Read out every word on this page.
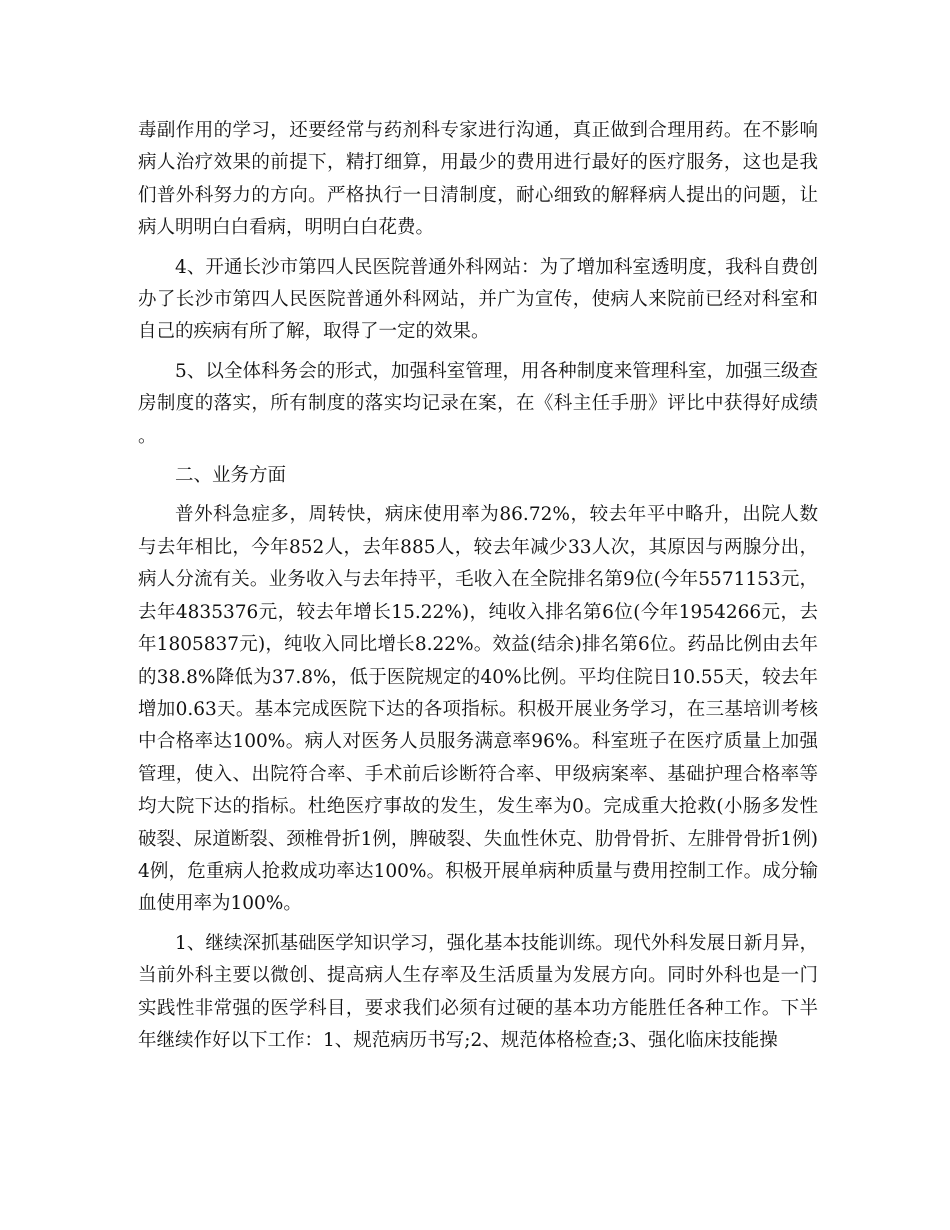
毒副作用的学习，还要经常与药剂科专家进行沟通，真正做到合理用药。在不影响病人治疗效果的前提下，精打细算，用最少的费用进行最好的医疗服务，这也是我们普外科努力的方向。严格执行一日清制度，耐心细致的解释病人提出的问题，让病人明明白白看病，明明白白花费。

4、开通长沙市第四人民医院普通外科网站：为了增加科室透明度，我科自费创办了长沙市第四人民医院普通外科网站，并广为宣传，使病人来院前已经对科室和自己的疾病有所了解，取得了一定的效果。

5、以全体科务会的形式，加强科室管理，用各种制度来管理科室，加强三级查房制度的落实，所有制度的落实均记录在案，在《科主任手册》评比中获得好成绩。

二、业务方面

普外科急症多，周转快，病床使用率为86.72%，较去年平中略升，出院人数与去年相比，今年852人，去年885人，较去年减少33人次，其原因与两腺分出，病人分流有关。业务收入与去年持平，毛收入在全院排名第9位(今年5571153元，去年4835376元，较去年增长15.22%)，纯收入排名第6位(今年1954266元，去年1805837元)，纯收入同比增长8.22%。效益(结余)排名第6位。药品比例由去年的38.8%降低为37.8%，低于医院规定的40%比例。平均住院日10.55天，较去年增加0.63天。基本完成医院下达的各项指标。积极开展业务学习，在三基培训考核中合格率达100%。病人对医务人员服务满意率96%。科室班子在医疗质量上加强管理，使入、出院符合率、手术前后诊断符合率、甲级病案率、基础护理合格率等均大院下达的指标。杜绝医疗事故的发生，发生率为0。完成重大抢救(小肠多发性破裂、尿道断裂、颈椎骨折1例，脾破裂、失血性休克、肋骨骨折、左腓骨骨折1例)4例，危重病人抢救成功率达100%。积极开展单病种质量与费用控制工作。成分输血使用率为100%。

1、继续深抓基础医学知识学习，强化基本技能训练。现代外科发展日新月异，当前外科主要以微创、提高病人生存率及生活质量为发展方向。同时外科也是一门实践性非常强的医学科目，要求我们必须有过硬的基本功方能胜任各种工作。下半年继续作好以下工作：1、规范病历书写;2、规范体格检查;3、强化临床技能操
